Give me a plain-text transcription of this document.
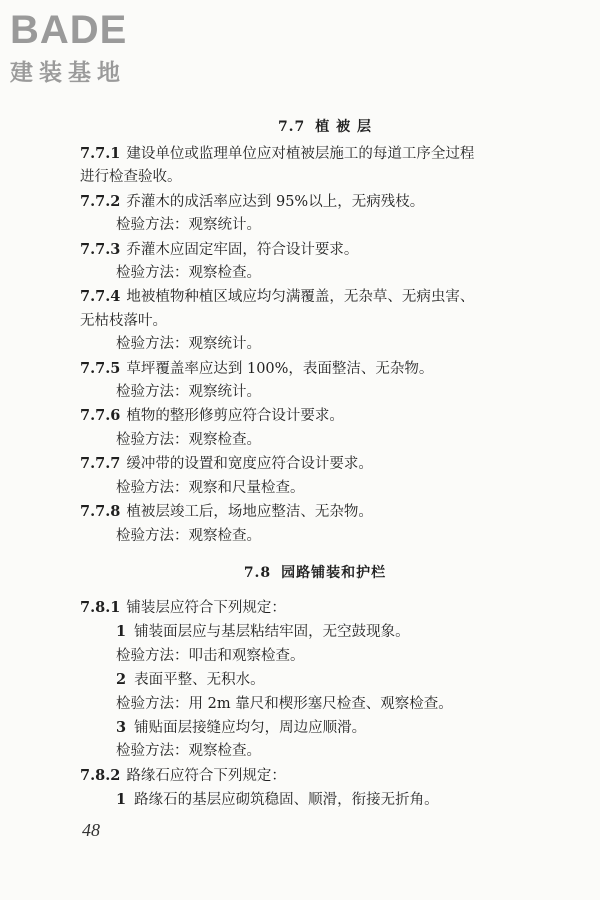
BADE
建装基地
7.7 植 被 层
7.7.1 建设单位或监理单位应对植被层施工的每道工序全过程
进行检查验收。
7.7.2 乔灌木的成活率应达到 95%以上，无病残枝。
检验方法：观察统计。
7.7.3 乔灌木应固定牢固，符合设计要求。
检验方法：观察检查。
7.7.4 地被植物种植区域应均匀满覆盖，无杂草、无病虫害、
无枯枝落叶。
检验方法：观察统计。
7.7.5 草坪覆盖率应达到 100%，表面整洁、无杂物。
检验方法：观察统计。
7.7.6 植物的整形修剪应符合设计要求。
检验方法：观察检查。
7.7.7 缓冲带的设置和宽度应符合设计要求。
检验方法：观察和尺量检查。
7.7.8 植被层竣工后，场地应整洁、无杂物。
检验方法：观察检查。
7.8 园路铺装和护栏
7.8.1 铺装层应符合下列规定：
1 铺装面层应与基层粘结牢固，无空鼓现象。
检验方法：叩击和观察检查。
2 表面平整、无积水。
检验方法：用 2m 靠尺和楔形塞尺检查、观察检查。
3 铺贴面层接缝应均匀，周边应顺滑。
检验方法：观察检查。
7.8.2 路缘石应符合下列规定：
1 路缘石的基层应砌筑稳固、顺滑，衔接无折角。
48
